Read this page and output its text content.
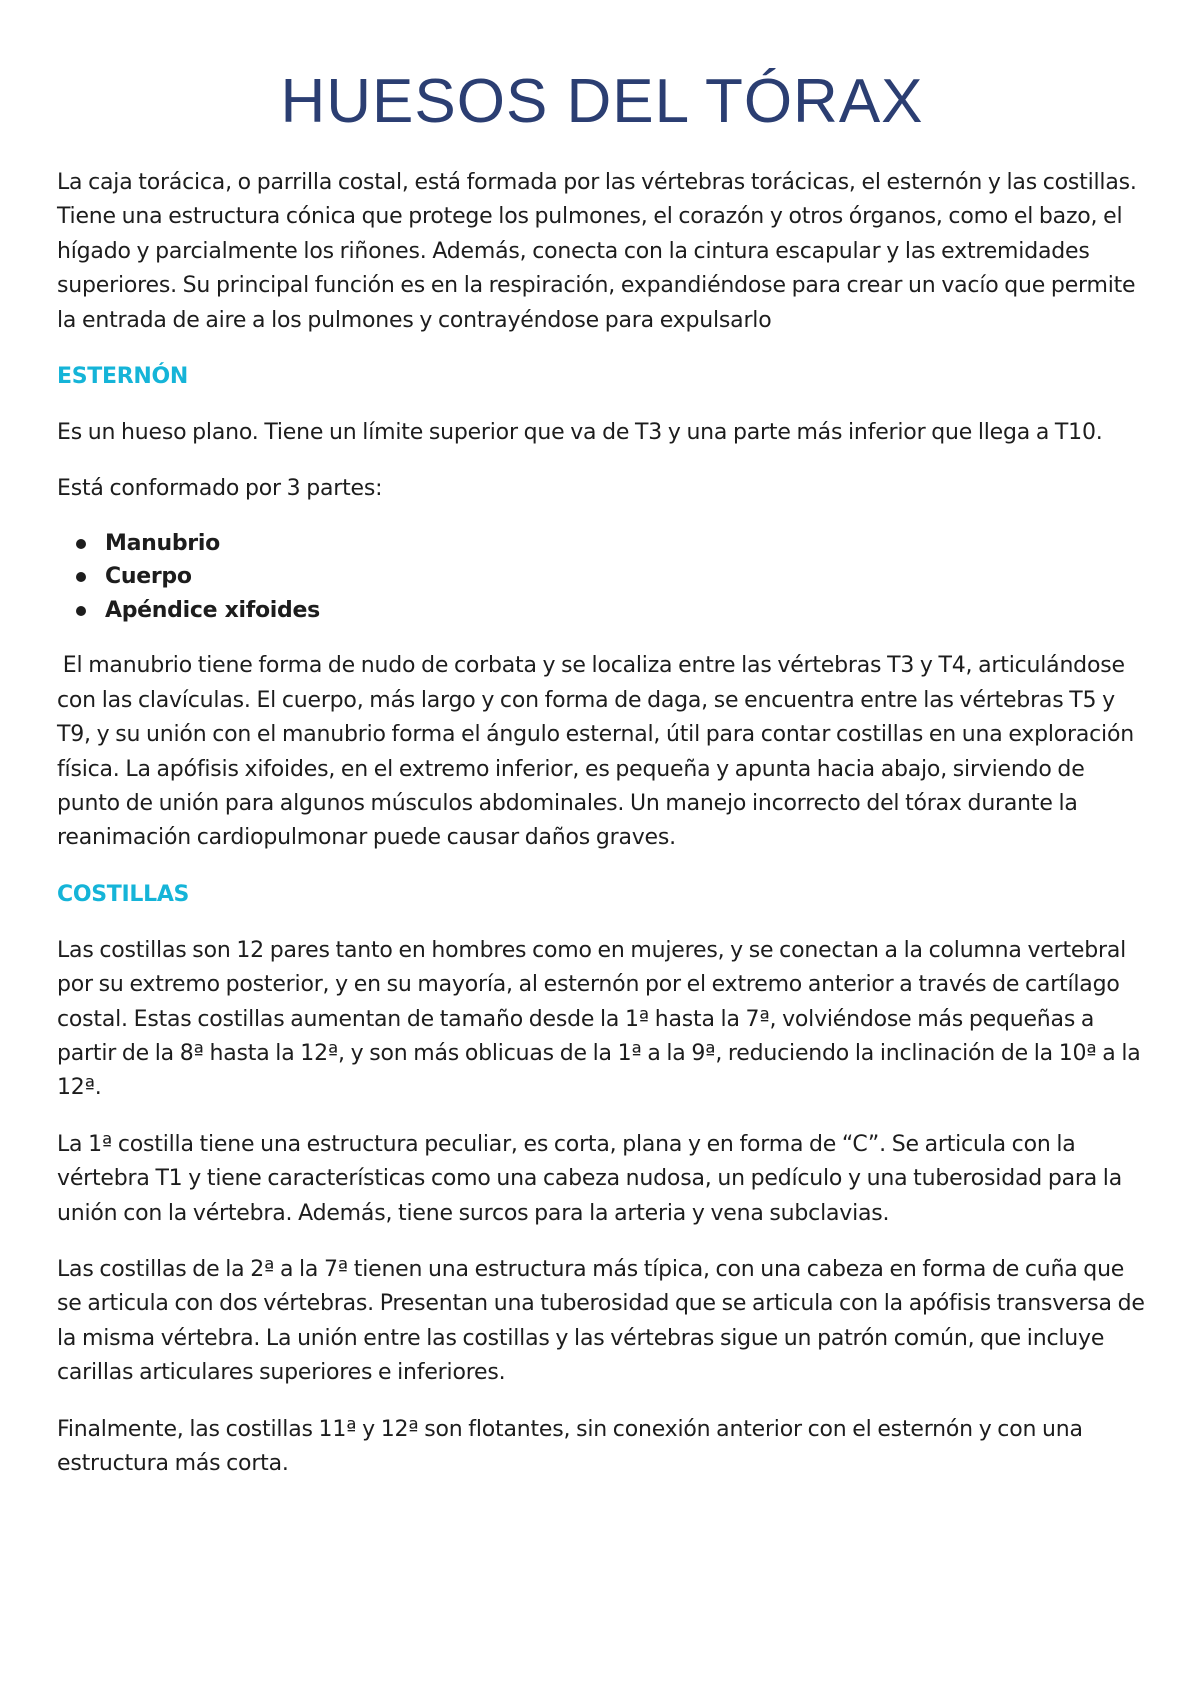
HUESOS DEL TÓRAX

La caja torácica, o parrilla costal, está formada por las vértebras torácicas, el esternón y las costillas. Tiene una estructura cónica que protege los pulmones, el corazón y otros órganos, como el bazo, el hígado y parcialmente los riñones. Además, conecta con la cintura escapular y las extremidades superiores. Su principal función es en la respiración, expandiéndose para crear un vacío que permite la entrada de aire a los pulmones y contrayéndose para expulsarlo

ESTERNÓN

Es un hueso plano. Tiene un límite superior que va de T3 y una parte más inferior que llega a T10.

Está conformado por 3 partes:

Manubrio
Cuerpo
Apéndice xifoides

El manubrio tiene forma de nudo de corbata y se localiza entre las vértebras T3 y T4, articulándose con las clavículas. El cuerpo, más largo y con forma de daga, se encuentra entre las vértebras T5 y T9, y su unión con el manubrio forma el ángulo esternal, útil para contar costillas en una exploración física. La apófisis xifoides, en el extremo inferior, es pequeña y apunta hacia abajo, sirviendo de punto de unión para algunos músculos abdominales. Un manejo incorrecto del tórax durante la reanimación cardiopulmonar puede causar daños graves.

COSTILLAS

Las costillas son 12 pares tanto en hombres como en mujeres, y se conectan a la columna vertebral por su extremo posterior, y en su mayoría, al esternón por el extremo anterior a través de cartílago costal. Estas costillas aumentan de tamaño desde la 1ª hasta la 7ª, volviéndose más pequeñas a partir de la 8ª hasta la 12ª, y son más oblicuas de la 1ª a la 9ª, reduciendo la inclinación de la 10ª a la 12ª.

La 1ª costilla tiene una estructura peculiar, es corta, plana y en forma de “C”. Se articula con la vértebra T1 y tiene características como una cabeza nudosa, un pedículo y una tuberosidad para la unión con la vértebra. Además, tiene surcos para la arteria y vena subclavias.

Las costillas de la 2ª a la 7ª tienen una estructura más típica, con una cabeza en forma de cuña que se articula con dos vértebras. Presentan una tuberosidad que se articula con la apófisis transversa de la misma vértebra. La unión entre las costillas y las vértebras sigue un patrón común, que incluye carillas articulares superiores e inferiores.

Finalmente, las costillas 11ª y 12ª son flotantes, sin conexión anterior con el esternón y con una estructura más corta.
